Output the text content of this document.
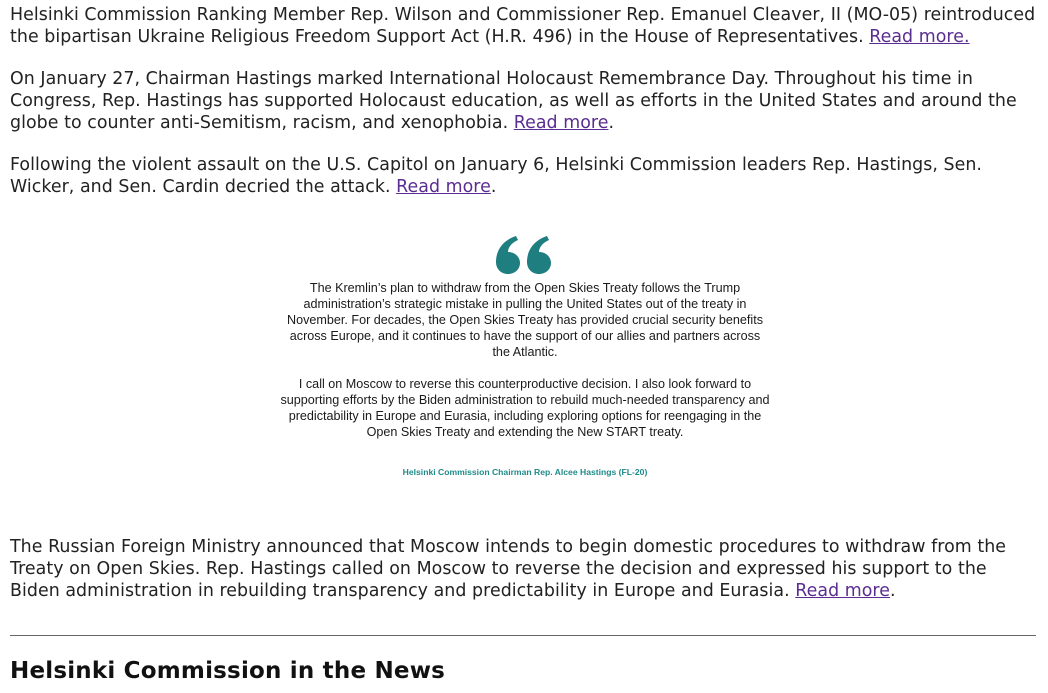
Helsinki Commission Ranking Member Rep. Wilson and Commissioner Rep. Emanuel Cleaver, II (MO-05) reintroduced the bipartisan Ukraine Religious Freedom Support Act (H.R. 496) in the House of Representatives. Read more.

On January 27, Chairman Hastings marked International Holocaust Remembrance Day. Throughout his time in Congress, Rep. Hastings has supported Holocaust education, as well as efforts in the United States and around the globe to counter anti-Semitism, racism, and xenophobia. Read more.

Following the violent assault on the U.S. Capitol on January 6, Helsinki Commission leaders Rep. Hastings, Sen. Wicker, and Sen. Cardin decried the attack. Read more.

The Kremlin’s plan to withdraw from the Open Skies Treaty follows the Trump administration’s strategic mistake in pulling the United States out of the treaty in November. For decades, the Open Skies Treaty has provided crucial security benefits across Europe, and it continues to have the support of our allies and partners across the Atlantic.

I call on Moscow to reverse this counterproductive decision. I also look forward to supporting efforts by the Biden administration to rebuild much-needed transparency and predictability in Europe and Eurasia, including exploring options for reengaging in the Open Skies Treaty and extending the New START treaty.

Helsinki Commission Chairman Rep. Alcee Hastings (FL-20)

The Russian Foreign Ministry announced that Moscow intends to begin domestic procedures to withdraw from the Treaty on Open Skies. Rep. Hastings called on Moscow to reverse the decision and expressed his support to the Biden administration in rebuilding transparency and predictability in Europe and Eurasia. Read more.

Helsinki Commission in the News
